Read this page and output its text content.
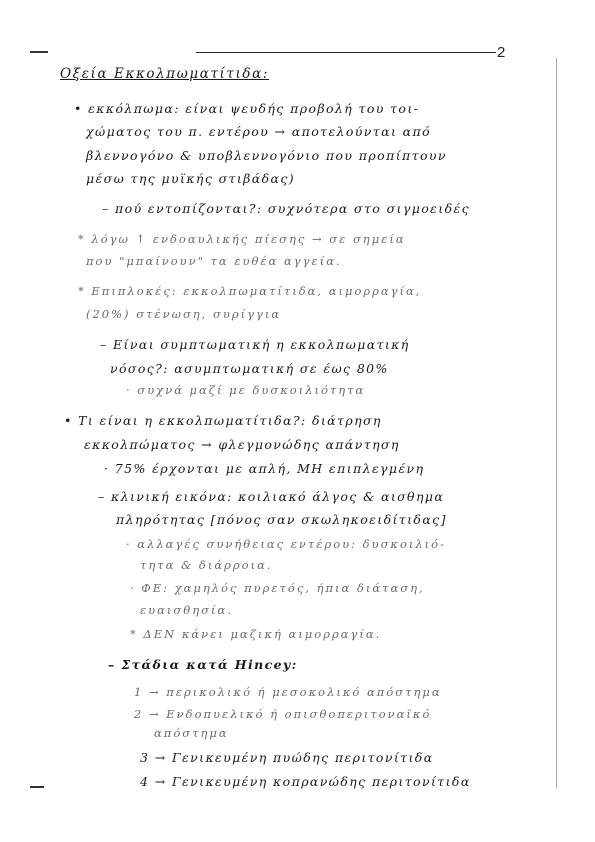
2
Οξεία Εκκολπωματίτιδα:
• εκκόλπωμα: είναι ψευδής προβολή του τοι-
χώματος του π. εντέρου → αποτελούνται από
βλεννογόνο & υποβλεννογόνιο που προπίπτουν
μέσω της μυϊκής στιβάδας)
– πού εντοπίζονται?: συχνότερα στο σιγμοειδές
* λόγω ↑ ενδοαυλικής πίεσης → σε σημεία
που "μπαίνουν" τα ευθέα αγγεία.
* Επιπλοκές: εκκολπωματίτιδα, αιμορραγία,
(20%) στένωση, συρίγγια
– Είναι συμπτωματική η εκκολπωματική
νόσος?: ασυμπτωματική σε έως 80%
· συχνά μαζί με δυσκοιλιότητα
• Τι είναι η εκκολπωματίτιδα?: διάτρηση
εκκολπώματος → φλεγμονώδης απάντηση
· 75% έρχονται με απλή, ΜΗ επιπλεγμένη
– κλινική εικόνα: κοιλιακό άλγος & αισθημα
πληρότητας [πόνος σαν σκωληκοειδίτιδας]
· αλλαγές συνήθειας εντέρου: δυσκοιλιό-
τητα & διάρροια.
· ΦΕ: χαμηλός πυρετός, ήπια διάταση,
ευαισθησία.
* ΔΕΝ κάνει μαζική αιμορραγία.
– Στάδια κατά Hincey:
1 → περικολικό ή μεσοκολικό απόστημα
2 → Ενδοπυελικό ή οπισθοπεριτοναϊκό
απόστημα
3 → Γενικευμένη πυώδης περιτονίτιδα
4 → Γενικευμένη κοπρανώδης περιτονίτιδα
